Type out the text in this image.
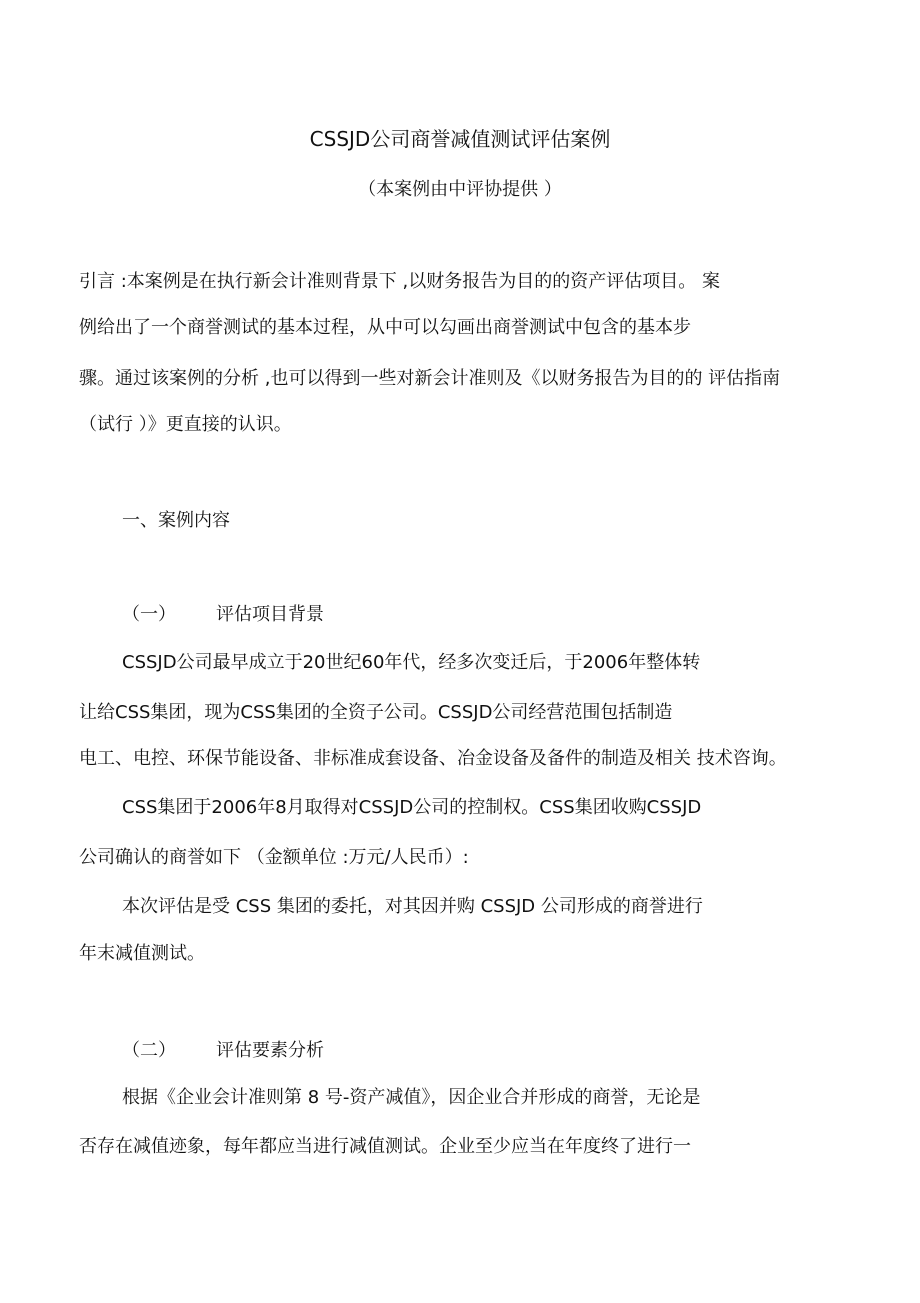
CSSJD公司商誉减值测试评估案例
（本案例由中评协提供 ）
引言 :本案例是在执行新会计准则背景下 ,以财务报告为目的的资产评估项目。 案
例给出了一个商誉测试的基本过程，从中可以勾画出商誉测试中包含的基本步
骤。通过该案例的分析 ,也可以得到一些对新会计准则及《以财务报告为目的的 评估指南
（试行 ）》更直接的认识。
一、案例内容
（一） 评估项目背景
CSSJD公司最早成立于20世纪60年代，经多次变迁后，于2006年整体转
让给CSS集团，现为CSS集团的全资子公司。CSSJD公司经营范围包括制造
电工、电控、环保节能设备、非标准成套设备、冶金设备及备件的制造及相关 技术咨询。
CSS集团于2006年8月取得对CSSJD公司的控制权。CSS集团收购CSSJD
公司确认的商誉如下 （金额单位 :万元/人民币）:
本次评估是受 CSS 集团的委托，对其因并购 CSSJD 公司形成的商誉进行
年末减值测试。
（二） 评估要素分析
根据《企业会计准则第 8 号-资产减值》，因企业合并形成的商誉，无论是
否存在减值迹象，每年都应当进行减值测试。企业至少应当在年度终了进行一
